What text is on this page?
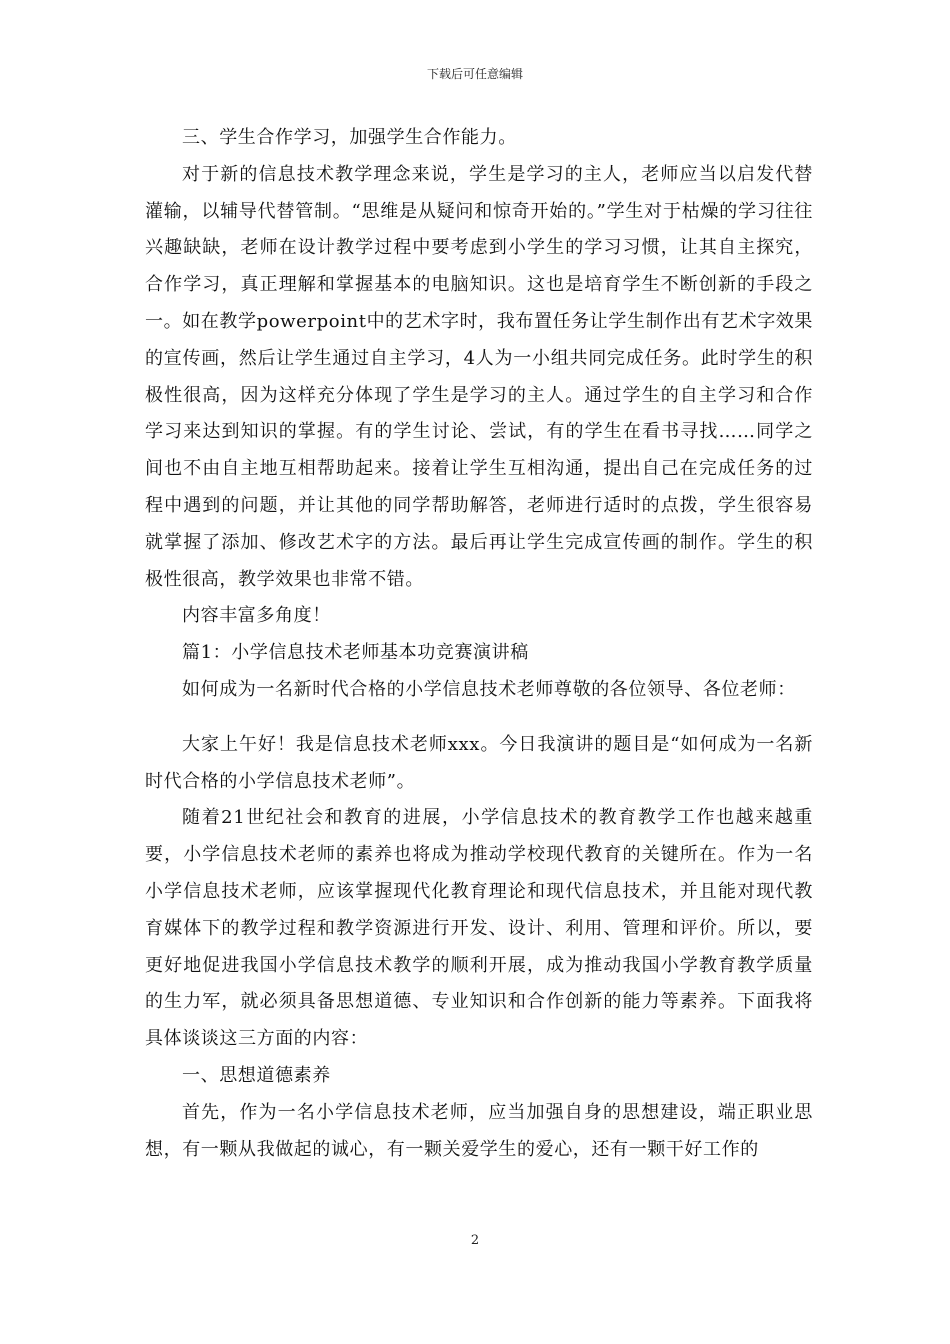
下载后可任意编辑

三、学生合作学习，加强学生合作能力。

对于新的信息技术教学理念来说，学生是学习的主人，老师应当以启发代替灌输，以辅导代替管制。“思维是从疑问和惊奇开始的。”学生对于枯燥的学习往往兴趣缺缺，老师在设计教学过程中要考虑到小学生的学习习惯，让其自主探究，合作学习，真正理解和掌握基本的电脑知识。这也是培育学生不断创新的手段之一。如在教学powerpoint中的艺术字时，我布置任务让学生制作出有艺术字效果的宣传画，然后让学生通过自主学习，4人为一小组共同完成任务。此时学生的积极性很高，因为这样充分体现了学生是学习的主人。通过学生的自主学习和合作学习来达到知识的掌握。有的学生讨论、尝试，有的学生在看书寻找……同学之间也不由自主地互相帮助起来。接着让学生互相沟通，提出自己在完成任务的过程中遇到的问题，并让其他的同学帮助解答，老师进行适时的点拨，学生很容易就掌握了添加、修改艺术字的方法。最后再让学生完成宣传画的制作。学生的积极性很高，教学效果也非常不错。

内容丰富多角度！

篇1：小学信息技术老师基本功竞赛演讲稿

如何成为一名新时代合格的小学信息技术老师尊敬的各位领导、各位老师：

大家上午好！我是信息技术老师xxx。今日我演讲的题目是“如何成为一名新时代合格的小学信息技术老师”。

随着21世纪社会和教育的进展，小学信息技术的教育教学工作也越来越重要，小学信息技术老师的素养也将成为推动学校现代教育的关键所在。作为一名小学信息技术老师，应该掌握现代化教育理论和现代信息技术，并且能对现代教育媒体下的教学过程和教学资源进行开发、设计、利用、管理和评价。所以，要更好地促进我国小学信息技术教学的顺利开展，成为推动我国小学教育教学质量的生力军，就必须具备思想道德、专业知识和合作创新的能力等素养。下面我将具体谈谈这三方面的内容：

一、思想道德素养

首先，作为一名小学信息技术老师，应当加强自身的思想建设，端正职业思想，有一颗从我做起的诚心，有一颗关爱学生的爱心，还有一颗干好工作的

2
